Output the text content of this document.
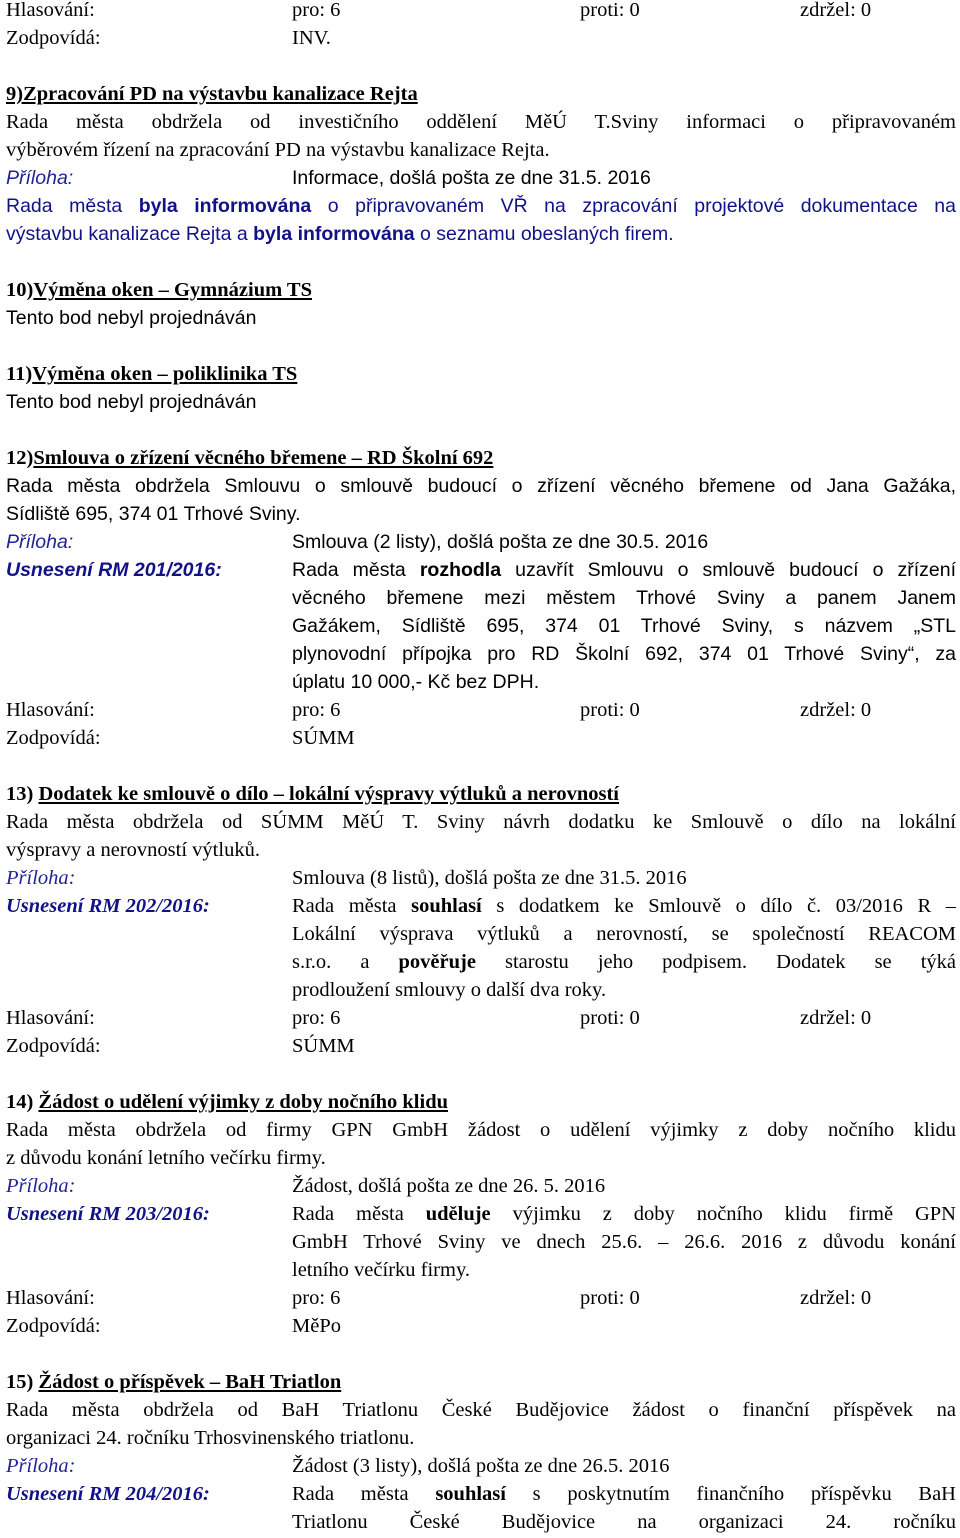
Hlasování:	pro: 6	proti: 0	zdržel: 0
Zodpovídá:	INV.
9)Zpracování PD na výstavbu kanalizace Rejta
Rada města obdržela od investičního oddělení MěÚ T.Sviny informaci o připravovaném
výběrovém řízení na zpracování PD na výstavbu kanalizace Rejta.
Příloha:	Informace, došlá pošta ze dne 31.5. 2016
Rada města byla informována o připravovaném VŘ na zpracování projektové dokumentace na
výstavbu kanalizace Rejta a byla informována o seznamu obeslaných firem.
10)Výměna oken – Gymnázium TS
Tento bod nebyl projednáván
11)Výměna oken – poliklinika TS
Tento bod nebyl projednáván
12)Smlouva o zřízení věcného břemene – RD Školní 692
Rada města obdržela Smlouvu o smlouvě budoucí o zřízení věcného břemene od Jana Gažáka,
Sídliště 695, 374 01 Trhové Sviny.
Příloha:	Smlouva (2 listy), došlá pošta ze dne 30.5. 2016
Usnesení RM 201/2016:	Rada města rozhodla uzavřít Smlouvu o smlouvě budoucí o zřízení
věcného břemene mezi městem Trhové Sviny a panem Janem
Gažákem, Sídliště 695, 374 01 Trhové Sviny, s názvem „STL
plynovodní přípojka pro RD Školní 692, 374 01 Trhové Sviny“, za
úplatu 10 000,- Kč bez DPH.
Hlasování:	pro: 6	proti: 0	zdržel: 0
Zodpovídá:	SÚMM
13) Dodatek ke smlouvě o dílo – lokální výspravy výtluků a nerovností
Rada města obdržela od SÚMM MěÚ T. Sviny návrh dodatku ke Smlouvě o dílo na lokální
výspravy a nerovností výtluků.
Příloha:	Smlouva (8 listů), došlá pošta ze dne 31.5. 2016
Usnesení RM 202/2016:	Rada města souhlasí s dodatkem ke Smlouvě o dílo č. 03/2016 R –
Lokální výsprava výtluků a nerovností, se společností REACOM
s.r.o. a pověřuje starostu jeho podpisem. Dodatek se týká
prodloužení smlouvy o další dva roky.
Hlasování:	pro: 6	proti: 0	zdržel: 0
Zodpovídá:	SÚMM
14) Žádost o udělení výjimky z doby nočního klidu
Rada města obdržela od firmy GPN GmbH žádost o udělení výjimky z doby nočního klidu
z důvodu konání letního večírku firmy.
Příloha:	Žádost, došlá pošta ze dne 26. 5. 2016
Usnesení RM 203/2016:	Rada města uděluje výjimku z doby nočního klidu firmě GPN
GmbH Trhové Sviny ve dnech 25.6. – 26.6. 2016 z důvodu konání
letního večírku firmy.
Hlasování:	pro: 6	proti: 0	zdržel: 0
Zodpovídá:	MěPo
15) Žádost o příspěvek – BaH Triatlon
Rada města obdržela od BaH Triatlonu České Budějovice žádost o finanční příspěvek na
organizaci 24. ročníku Trhosvinenského triatlonu.
Příloha:	Žádost (3 listy), došlá pošta ze dne 26.5. 2016
Usnesení RM 204/2016:	Rada města souhlasí s poskytnutím finančního příspěvku BaH
Triatlonu České Budějovice na organizaci 24. ročníku
